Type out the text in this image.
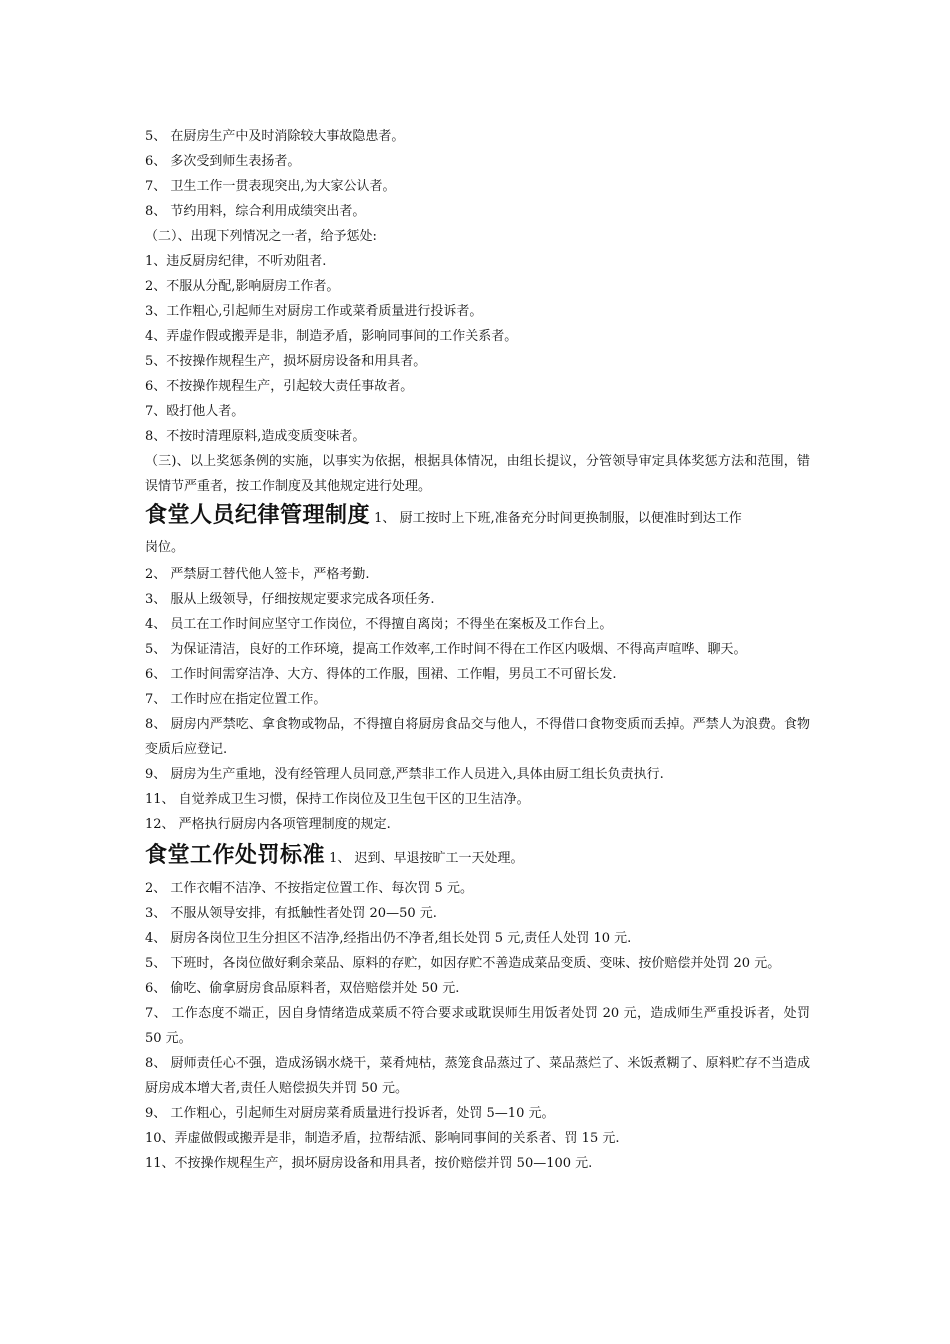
5、 在厨房生产中及时消除较大事故隐患者。
6、 多次受到师生表扬者。
7、 卫生工作一贯表现突出,为大家公认者。
8、 节约用料，综合利用成绩突出者。
（二）、出现下列情况之一者，给予惩处:
1、违反厨房纪律，不听劝阻者.
2、不服从分配,影响厨房工作者。
3、工作粗心,引起师生对厨房工作或菜肴质量进行投诉者。
4、弄虚作假或搬弄是非，制造矛盾，影响同事间的工作关系者。
5、不按操作规程生产，损坏厨房设备和用具者。
6、不按操作规程生产，引起较大责任事故者。
7、殴打他人者。
8、不按时清理原料,造成变质变味者。
（三)、以上奖惩条例的实施，以事实为依据，根据具体情况，由组长提议，分管领导审定具体奖惩方法和范围，错误情节严重者，按工作制度及其他规定进行处理。
食堂人员纪律管理制度 1、 厨工按时上下班,准备充分时间更换制服，以便准时到达工作
岗位。
2、 严禁厨工替代他人签卡，严格考勤.
3、 服从上级领导，仔细按规定要求完成各项任务.
4、 员工在工作时间应坚守工作岗位，不得擅自离岗；不得坐在案板及工作台上。
5、 为保证清洁，良好的工作环境，提高工作效率,工作时间不得在工作区内吸烟、不得高声喧哗、聊天。
6、 工作时间需穿洁净、大方、得体的工作服，围裙、工作帽，男员工不可留长发.
7、 工作时应在指定位置工作。
8、 厨房内严禁吃、拿食物或物品，不得擅自将厨房食品交与他人，不得借口食物变质而丢掉。严禁人为浪费。食物变质后应登记.
9、 厨房为生产重地，没有经管理人员同意,严禁非工作人员进入,具体由厨工组长负责执行.
11、 自觉养成卫生习惯，保持工作岗位及卫生包干区的卫生洁净。
12、 严格执行厨房内各项管理制度的规定.
食堂工作处罚标准 1、 迟到、早退按旷工一天处理。
2、 工作衣帽不洁净、不按指定位置工作、每次罚 5 元。
3、 不服从领导安排，有抵触性者处罚 20—50 元.
4、 厨房各岗位卫生分担区不洁净,经指出仍不净者,组长处罚 5 元,责任人处罚 10 元.
5、 下班时，各岗位做好剩余菜品、原料的存贮，如因存贮不善造成菜品变质、变味、按价赔偿并处罚 20 元。
6、 偷吃、偷拿厨房食品原料者，双倍赔偿并处 50 元.
7、 工作态度不端正，因自身情绪造成菜质不符合要求或耽误师生用饭者处罚 20 元，造成师生严重投诉者，处罚 50 元。
8、 厨师责任心不强，造成汤锅水烧干，菜肴炖枯，蒸笼食品蒸过了、菜品蒸烂了、米饭煮糊了、原料贮存不当造成厨房成本增大者,责任人赔偿损失并罚 50 元。
9、 工作粗心，引起师生对厨房菜肴质量进行投诉者，处罚 5—10 元。
10、弄虚做假或搬弄是非，制造矛盾，拉帮结派、影响同事间的关系者、罚 15 元.
11、不按操作规程生产，损坏厨房设备和用具者，按价赔偿并罚 50—100 元.
